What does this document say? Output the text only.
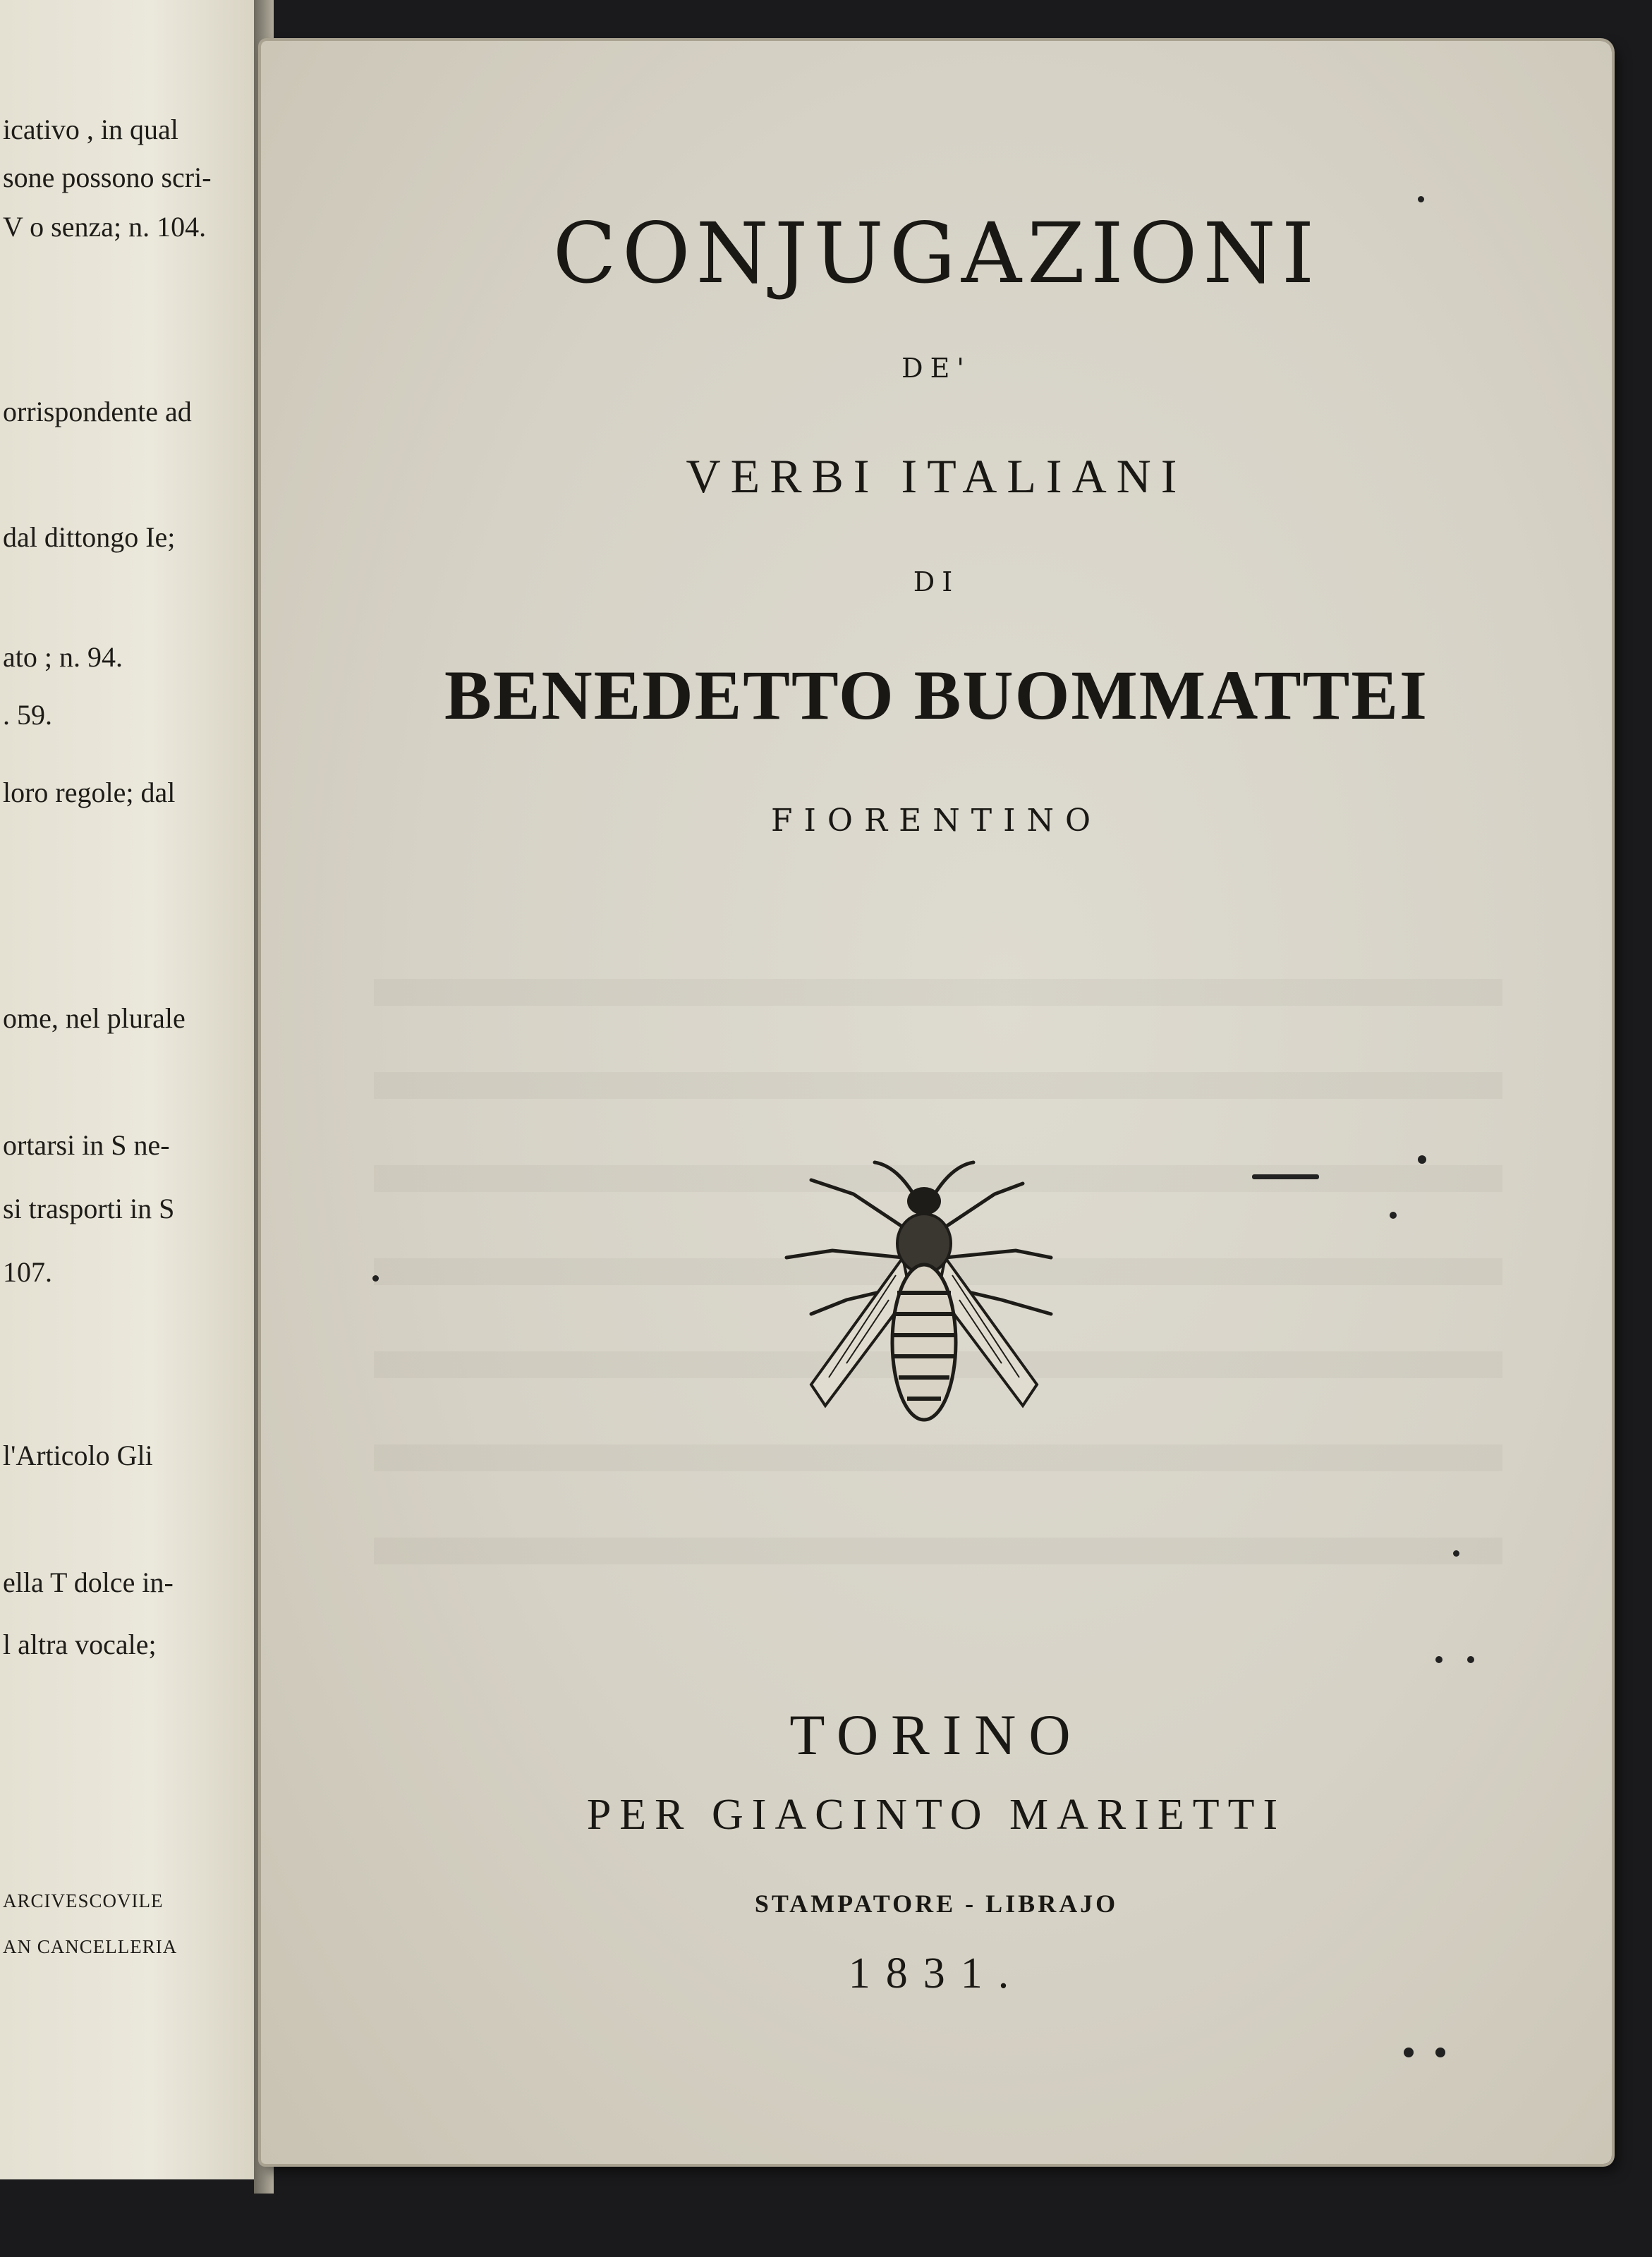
icativo , in qual
sone possono scri-
V o senza; n. 104.
orrispondente ad
dal dittongo Ie;
ato ; n. 94.
. 59.
loro regole; dal
ome, nel plurale
ortarsi in S ne-
si trasporti in S
107.
l'Articolo Gli
ella T dolce in-
l altra vocale;
ARCIVESCOVILE
AN CANCELLERIA
CONJUGAZIONI
DE'
VERBI ITALIANI
DI
BENEDETTO BUOMMATTEI
FIORENTINO
TORINO
PER GIACINTO MARIETTI
STAMPATORE - LIBRAJO
1831.
